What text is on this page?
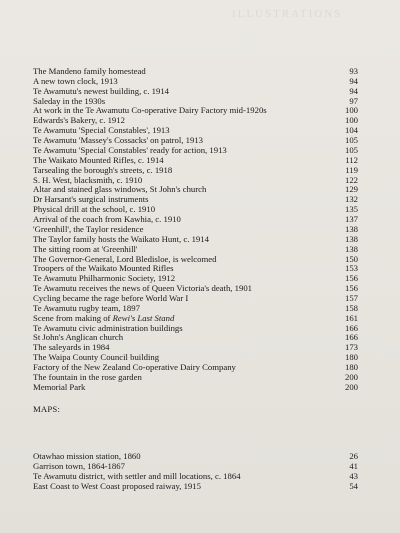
ILLUSTRATIONS
The Mandeno family homestead	93
A new town clock, 1913	94
Te Awamutu's newest building, c. 1914	94
Saleday in the 1930s	97
At work in the Te Awamutu Co-operative Dairy Factory mid-1920s	100
Edwards's Bakery, c. 1912	100
Te Awamutu 'Special Constables', 1913	104
Te Awamutu 'Massey's Cossacks' on patrol, 1913	105
Te Awamutu 'Special Constables' ready for action, 1913	105
The Waikato Mounted Rifles, c. 1914	112
Tarsealing the borough's streets, c. 1918	119
S. H. West, blacksmith, c. 1910	122
Altar and stained glass windows, St John's church	129
Dr Harsant's surgical instruments	132
Physical drill at the school, c. 1910	135
Arrival of the coach from Kawhia, c. 1910	137
'Greenhill', the Taylor residence	138
The Taylor family hosts the Waikato Hunt, c. 1914	138
The sitting room at 'Greenhill'	138
The Governor-General, Lord Bledisloe, is welcomed	150
Troopers of the Waikato Mounted Rifles	153
Te Awamutu Philharmonic Society, 1912	156
Te Awamutu receives the news of Queen Victoria's death, 1901	156
Cycling became the rage before World War I	157
Te Awamutu rugby team, 1897	158
Scene from making of Rewi's Last Stand	161
Te Awamutu civic administration buildings	166
St John's Anglican church	166
The saleyards in 1984	173
The Waipa County Council building	180
Factory of the New Zealand Co-operative Dairy Company	180
The fountain in the rose garden	200
Memorial Park	200
MAPS:
Otawhao mission station, 1860	26
Garrison town, 1864-1867	41
Te Awamutu district, with settler and mill locations, c. 1864	43
East Coast to West Coast proposed raiway, 1915	54
